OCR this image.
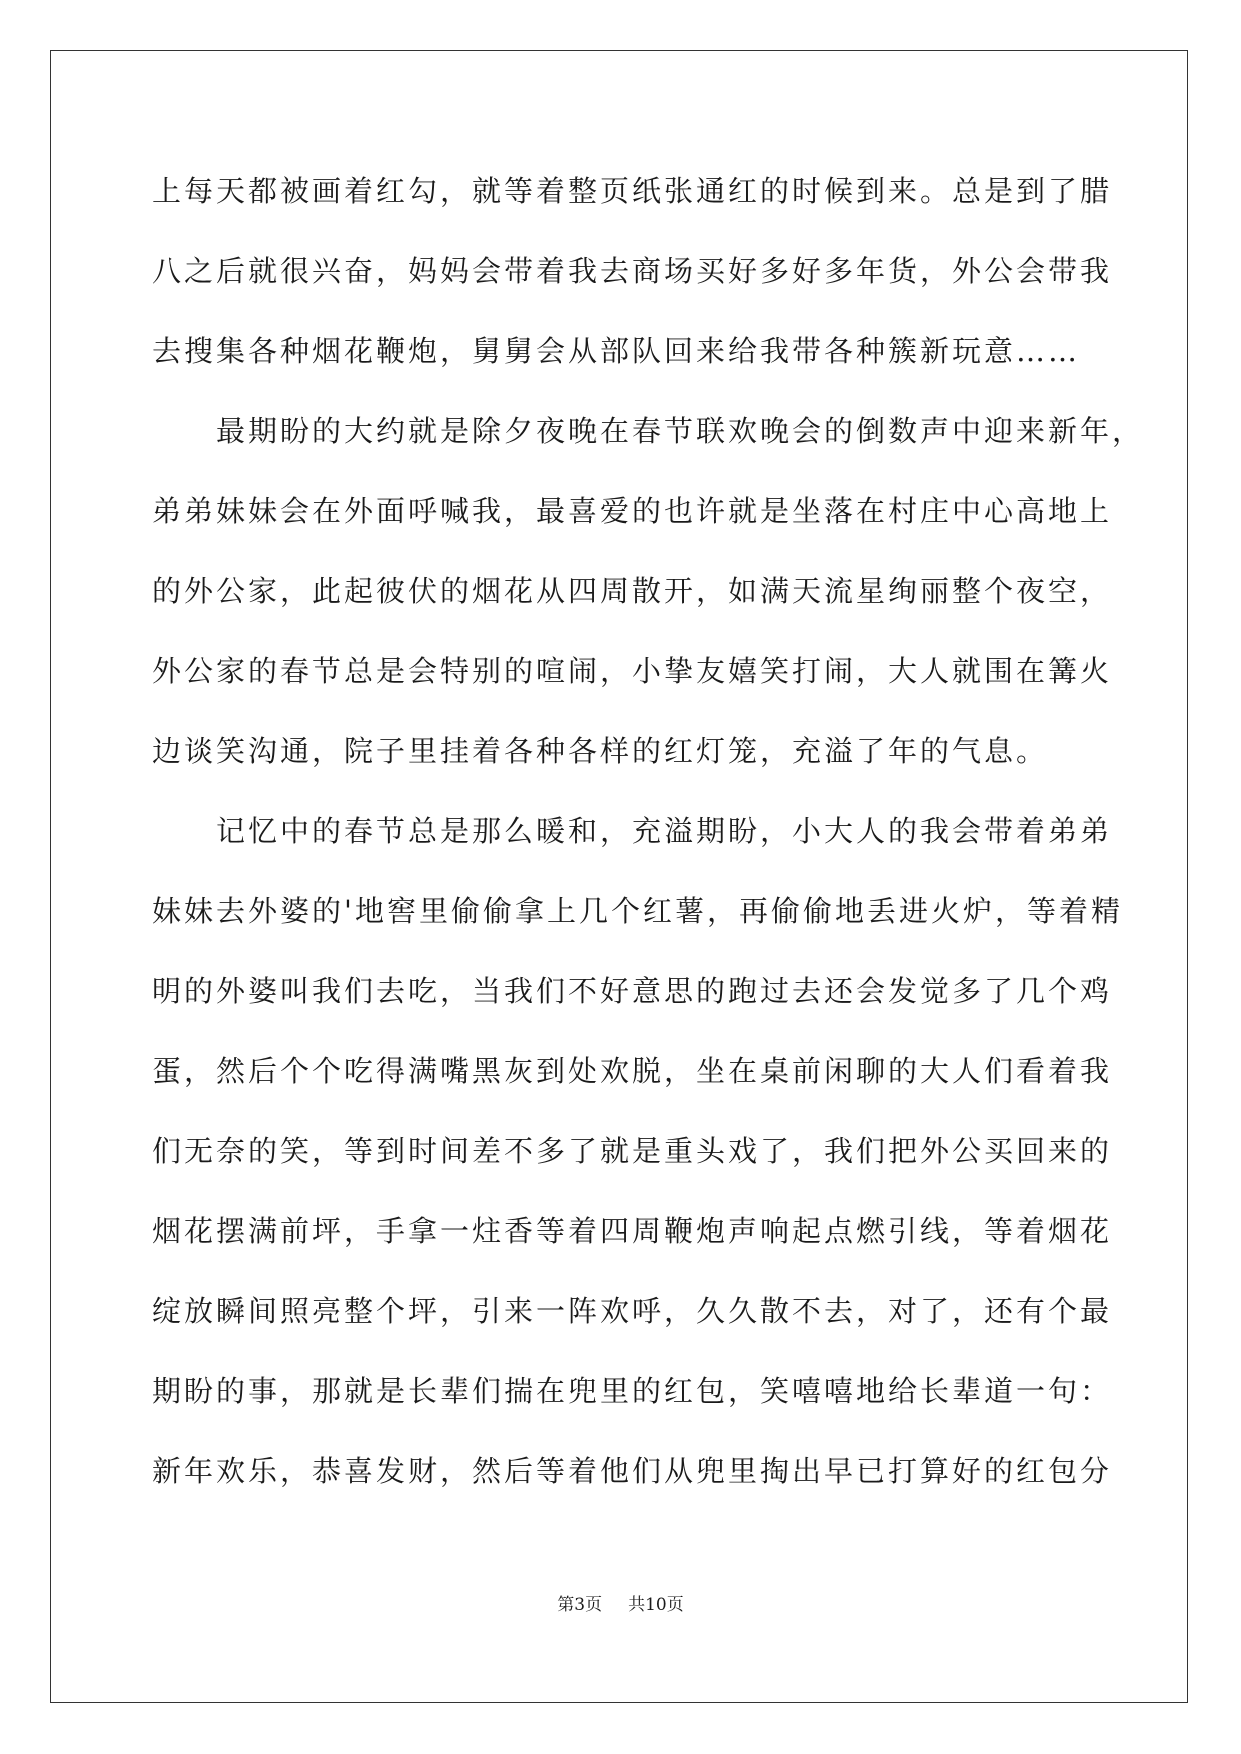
上每天都被画着红勾，就等着整页纸张通红的时候到来。总是到了腊
八之后就很兴奋，妈妈会带着我去商场买好多好多年货，外公会带我
去搜集各种烟花鞭炮，舅舅会从部队回来给我带各种簇新玩意……
　　最期盼的大约就是除夕夜晚在春节联欢晚会的倒数声中迎来新年，
弟弟妹妹会在外面呼喊我，最喜爱的也许就是坐落在村庄中心高地上
的外公家，此起彼伏的烟花从四周散开，如满天流星绚丽整个夜空，
外公家的春节总是会特别的喧闹，小挚友嬉笑打闹，大人就围在篝火
边谈笑沟通，院子里挂着各种各样的红灯笼，充溢了年的气息。
　　记忆中的春节总是那么暖和，充溢期盼，小大人的我会带着弟弟
妹妹去外婆的'地窖里偷偷拿上几个红薯，再偷偷地丢进火炉，等着精
明的外婆叫我们去吃，当我们不好意思的跑过去还会发觉多了几个鸡
蛋，然后个个吃得满嘴黑灰到处欢脱，坐在桌前闲聊的大人们看着我
们无奈的笑，等到时间差不多了就是重头戏了，我们把外公买回来的
烟花摆满前坪，手拿一炷香等着四周鞭炮声响起点燃引线，等着烟花
绽放瞬间照亮整个坪，引来一阵欢呼，久久散不去，对了，还有个最
期盼的事，那就是长辈们揣在兜里的红包，笑嘻嘻地给长辈道一句：
新年欢乐，恭喜发财，然后等着他们从兜里掏出早已打算好的红包分
第3页 共10页
